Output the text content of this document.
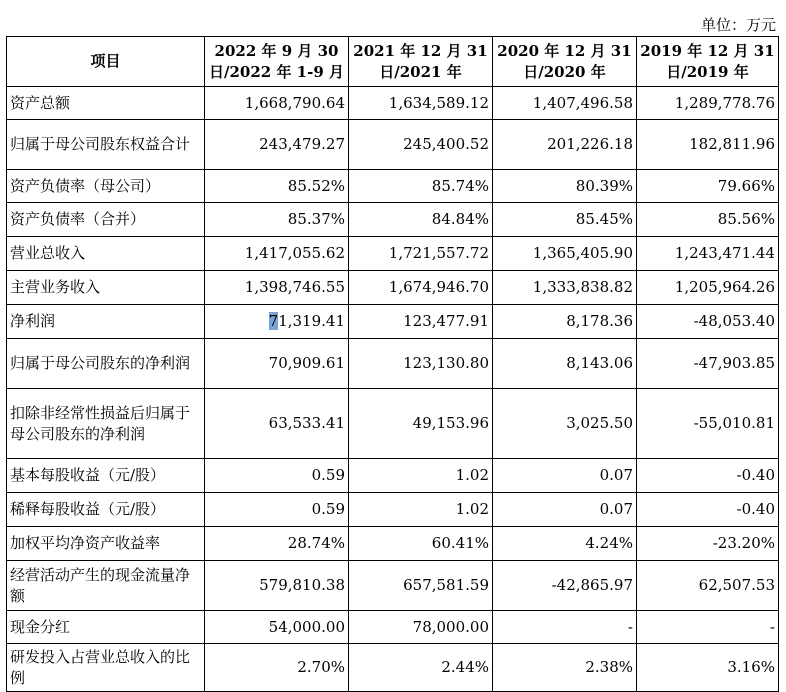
单位：万元
项目	2022 年 9 月 30 日/2022 年 1-9 月	2021 年 12 月 31 日/2021 年	2020 年 12 月 31 日/2020 年	2019 年 12 月 31 日/2019 年
资产总额	1,668,790.64	1,634,589.12	1,407,496.58	1,289,778.76
归属于母公司股东权益合计	243,479.27	245,400.52	201,226.18	182,811.96
资产负债率（母公司）	85.52%	85.74%	80.39%	79.66%
资产负债率（合并）	85.37%	84.84%	85.45%	85.56%
营业总收入	1,417,055.62	1,721,557.72	1,365,405.90	1,243,471.44
主营业务收入	1,398,746.55	1,674,946.70	1,333,838.82	1,205,964.26
净利润	71,319.41	123,477.91	8,178.36	-48,053.40
归属于母公司股东的净利润	70,909.61	123,130.80	8,143.06	-47,903.85
扣除非经常性损益后归属于母公司股东的净利润	63,533.41	49,153.96	3,025.50	-55,010.81
基本每股收益（元/股）	0.59	1.02	0.07	-0.40
稀释每股收益（元/股）	0.59	1.02	0.07	-0.40
加权平均净资产收益率	28.74%	60.41%	4.24%	-23.20%
经营活动产生的现金流量净额	579,810.38	657,581.59	-42,865.97	62,507.53
现金分红	54,000.00	78,000.00	-	-
研发投入占营业总收入的比例	2.70%	2.44%	2.38%	3.16%
